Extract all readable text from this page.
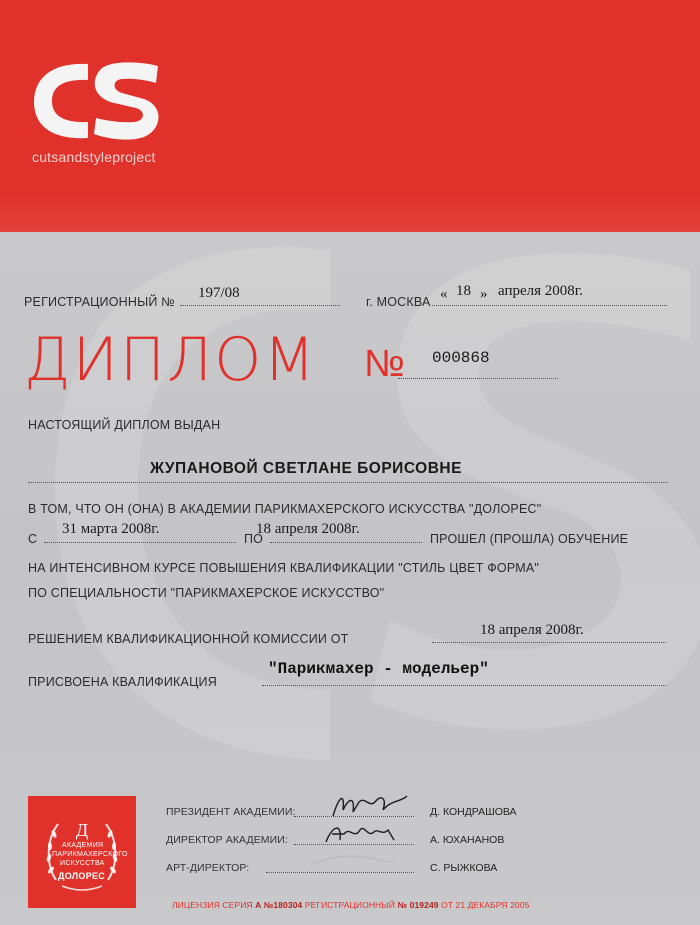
cutsandstyleproject
РЕГИСТРАЦИОННЫЙ №
197/08
г. МОСКВА « 18 » апреля 2008г.
ДИПЛОМ № 000868
НАСТОЯЩИЙ ДИПЛОМ ВЫДАН
ЖУПАНОВОЙ СВЕТЛАНЕ БОРИСОВНЕ
В ТОМ, ЧТО ОН (ОНА) В АКАДЕМИИ ПАРИКМАХЕРСКОГО ИСКУССТВА "ДОЛОРЕС"
С
31 марта 2008г.
ПО
18 апреля 2008г.
ПРОШЕЛ (ПРОШЛА) ОБУЧЕНИЕ
НА ИНТЕНСИВНОМ КУРСЕ ПОВЫШЕНИЯ КВАЛИФИКАЦИИ "СТИЛЬ ЦВЕТ ФОРМА"
ПО СПЕЦИАЛЬНОСТИ "ПАРИКМАХЕРСКОЕ ИСКУССТВО"
РЕШЕНИЕМ КВАЛИФИКАЦИОННОЙ КОМИССИИ ОТ
18 апреля 2008г.
ПРИСВОЕНА КВАЛИФИКАЦИЯ
"Парикмахер - модельер"
Д
АКАДЕМИЯ
ПАРИКМАХЕРСКОГО
ИСКУССТВА
ДОЛОРЕС
ПРЕЗИДЕНТ АКАДЕМИИ:	Д. КОНДРАШОВА
ДИРЕКТОР АКАДЕМИИ:	А. ЮХАНАНОВ
АРТ-ДИРЕКТОР:	С. РЫЖКОВА
ЛИЦЕНЗИЯ СЕРИЯ А №180304 РЕГИСТРАЦИОННЫЙ № 019249 ОТ 21 ДЕКАБРЯ 2005
